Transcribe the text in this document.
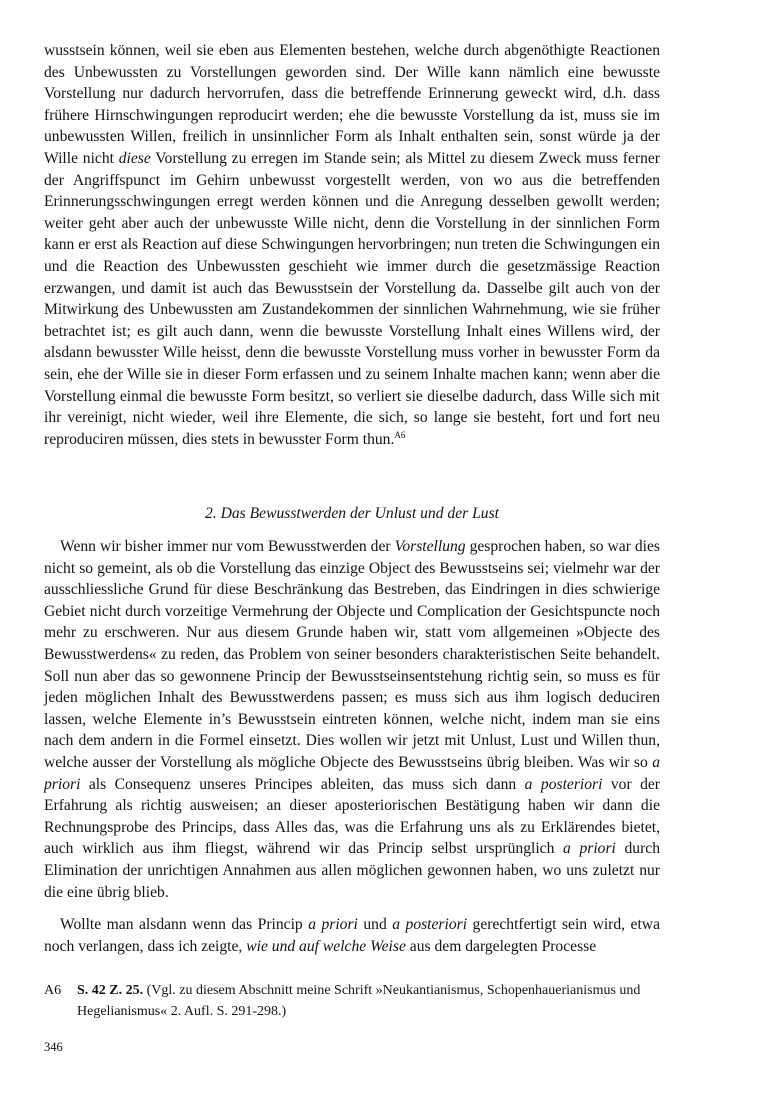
wusstsein können, weil sie eben aus Elementen bestehen, welche durch abgenöthigte Reactionen des Unbewussten zu Vorstellungen geworden sind. Der Wille kann nämlich eine bewusste Vorstellung nur dadurch hervorrufen, dass die betreffende Erinnerung geweckt wird, d.h. dass frühere Hirnschwingungen reproducirt werden; ehe die bewusste Vorstellung da ist, muss sie im unbewussten Willen, freilich in unsinnlicher Form als Inhalt enthalten sein, sonst würde ja der Wille nicht diese Vorstellung zu erregen im Stande sein; als Mittel zu diesem Zweck muss ferner der Angriffspunct im Gehirn unbewusst vorgestellt werden, von wo aus die betreffenden Erinnerungsschwingungen erregt werden können und die Anregung desselben gewollt werden; weiter geht aber auch der unbewusste Wille nicht, denn die Vorstellung in der sinnlichen Form kann er erst als Reaction auf diese Schwingungen hervorbringen; nun treten die Schwingungen ein und die Reaction des Unbewussten geschieht wie immer durch die gesetzmässige Reaction erzwangen, und damit ist auch das Bewusstsein der Vorstellung da. Dasselbe gilt auch von der Mitwirkung des Unbewussten am Zustandekommen der sinnlichen Wahrnehmung, wie sie früher betrachtet ist; es gilt auch dann, wenn die bewusste Vorstellung Inhalt eines Willens wird, der alsdann bewusster Wille heisst, denn die bewusste Vorstellung muss vorher in bewusster Form da sein, ehe der Wille sie in dieser Form erfassen und zu seinem Inhalte machen kann; wenn aber die Vorstellung einmal die bewusste Form besitzt, so verliert sie dieselbe dadurch, dass Wille sich mit ihr vereinigt, nicht wieder, weil ihre Elemente, die sich, so lange sie besteht, fort und fort neu reproduciren müssen, dies stets in bewusster Form thun.$^{A6}$

2. Das Bewusstwerden der Unlust und der Lust

Wenn wir bisher immer nur vom Bewusstwerden der Vorstellung gesprochen haben, so war dies nicht so gemeint, als ob die Vorstellung das einzige Object des Bewusstseins sei; vielmehr war der ausschliessliche Grund für diese Beschränkung das Bestreben, das Eindringen in dies schwierige Gebiet nicht durch vorzeitige Vermehrung der Objecte und Complication der Gesichtspuncte noch mehr zu erschweren. Nur aus diesem Grunde haben wir, statt vom allgemeinen »Objecte des Bewusstwerdens« zu reden, das Problem von seiner besonders charakteristischen Seite behandelt. Soll nun aber das so gewonnene Princip der Bewusstseinsentstehung richtig sein, so muss es für jeden möglichen Inhalt des Bewusstwerdens passen; es muss sich aus ihm logisch deduciren lassen, welche Elemente in’s Bewusstsein eintreten können, welche nicht, indem man sie eins nach dem andern in die Formel einsetzt. Dies wollen wir jetzt mit Unlust, Lust und Willen thun, welche ausser der Vorstellung als mögliche Objecte des Bewusstseins übrig bleiben. Was wir so a priori als Consequenz unseres Principes ableiten, das muss sich dann a posteriori vor der Erfahrung als richtig ausweisen; an dieser aposteriorischen Bestätigung haben wir dann die Rechnungsprobe des Princips, dass Alles das, was die Erfahrung uns als zu Erklärendes bietet, auch wirklich aus ihm fliegst, während wir das Princip selbst ursprünglich a priori durch Elimination der unrichtigen Annahmen aus allen möglichen gewonnen haben, wo uns zuletzt nur die eine übrig blieb.

Wollte man alsdann wenn das Princip a priori und a posteriori gerechtfertigt sein wird, etwa noch verlangen, dass ich zeigte, wie und auf welche Weise aus dem dargelegten Processe

A6 S. 42 Z. 25. (Vgl. zu diesem Abschnitt meine Schrift »Neukantianismus, Schopenhauerianismus und Hegelianismus« 2. Aufl. S. 291-298.)
346
